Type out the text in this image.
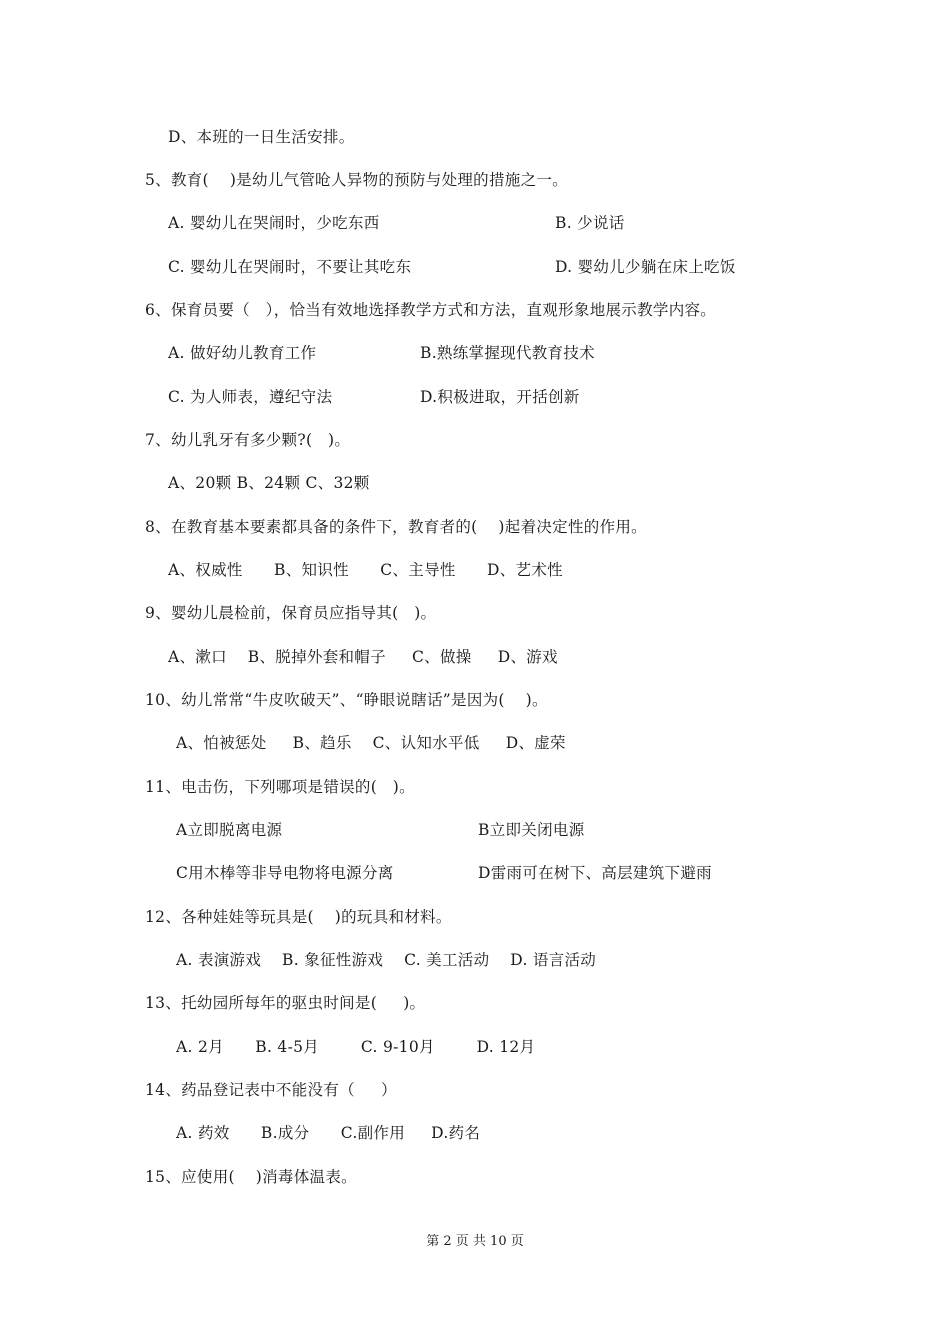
D、本班的一日生活安排。
5、教育(    )是幼儿气管呛人异物的预防与处理的措施之一。
A. 婴幼儿在哭闹时，少吃东西	B. 少说话
C. 婴幼儿在哭闹时，不要让其吃东	D. 婴幼儿少躺在床上吃饭
6、保育员要（   ），恰当有效地选择教学方式和方法，直观形象地展示教学内容。
A. 做好幼儿教育工作	B.熟练掌握现代教育技术
C. 为人师表，遵纪守法	D.积极进取，开括创新
7、幼儿乳牙有多少颗?(   )。
A、20颗 B、24颗 C、32颗
8、在教育基本要素都具备的条件下，教育者的(    )起着决定性的作用。
A、权威性      B、知识性      C、主导性      D、艺术性
9、婴幼儿晨检前，保育员应指导其(   )。
A、漱口    B、脱掉外套和帽子     C、做操     D、游戏
10、幼儿常常“牛皮吹破天”、“睁眼说瞎话”是因为(    )。
A、怕被惩处     B、趋乐    C、认知水平低     D、虚荣
11、电击伤，下列哪项是错误的(   )。
A立即脱离电源	B立即关闭电源
C用木棒等非导电物将电源分离	D雷雨可在树下、高层建筑下避雨
12、各种娃娃等玩具是(    )的玩具和材料。
A. 表演游戏    B. 象征性游戏    C. 美工活动    D. 语言活动
13、托幼园所每年的驱虫时间是(     )。
A. 2月      B. 4-5月        C. 9-10月        D. 12月
14、药品登记表中不能没有（     ）
A. 药效      B.成分      C.副作用     D.药名
15、应使用(    )消毒体温表。
第 2 页 共 10 页
